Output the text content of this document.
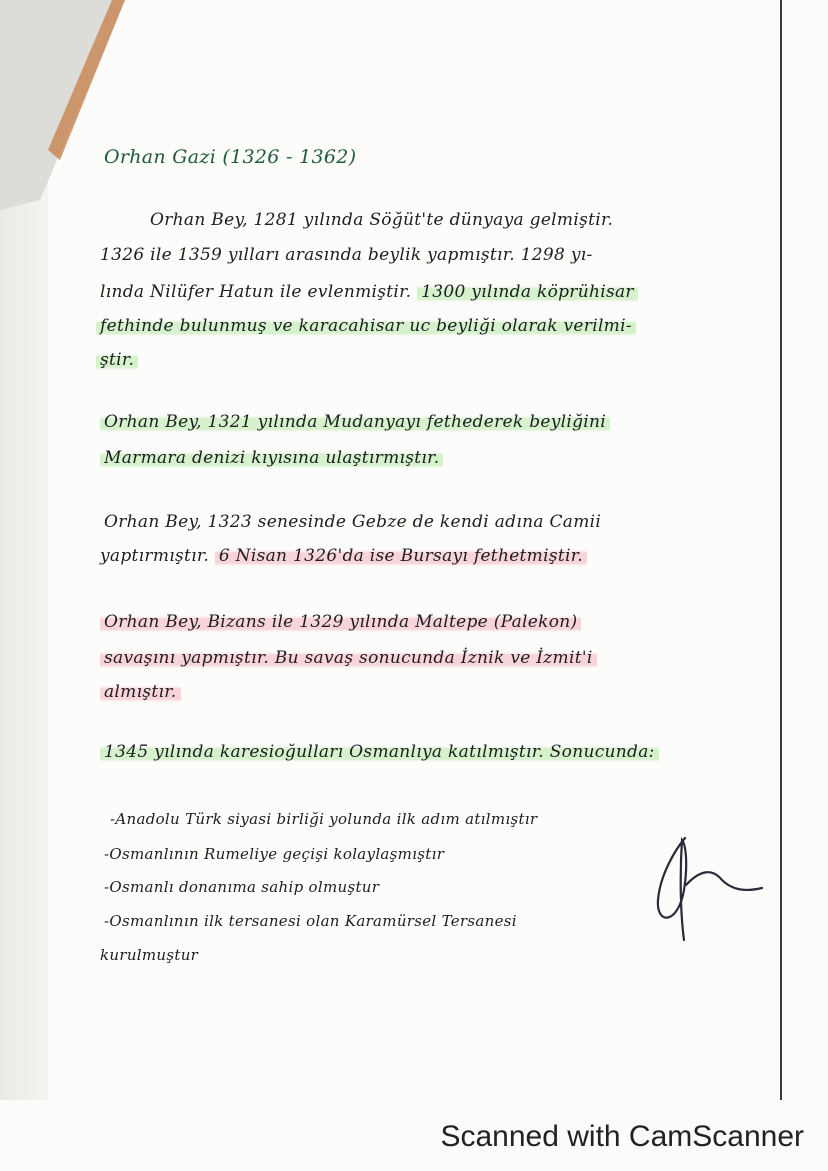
Orhan Gazi (1326 - 1362)
Orhan Bey, 1281 yılında Söğüt'te dünyaya gelmiştir.
1326 ile 1359 yılları arasında beylik yapmıştır. 1298 yı-
lında Nilüfer Hatun ile evlenmiştir. 1300 yılında köprühisar
fethinde bulunmuş ve karacahisar uc beyliği olarak verilmi-
ştir.
Orhan Bey, 1321 yılında Mudanyayı fethederek beyliğini
Marmara denizi kıyısına ulaştırmıştır.
Orhan Bey, 1323 senesinde Gebze de kendi adına Camii
yaptırmıştır. 6 Nisan 1326'da ise Bursayı fethetmiştir.
Orhan Bey, Bizans ile 1329 yılında Maltepe (Palekon)
savaşını yapmıştır. Bu savaş sonucunda İznik ve İzmit'i
almıştır.
1345 yılında karesioğulları Osmanlıya katılmıştır. Sonucunda:
-Anadolu Türk siyasi birliği yolunda ilk adım atılmıştır
-Osmanlının Rumeliye geçişi kolaylaşmıştır
-Osmanlı donanıma sahip olmuştur
-Osmanlının ilk tersanesi olan Karamürsel Tersanesi
kurulmuştur
Scanned with CamScanner
